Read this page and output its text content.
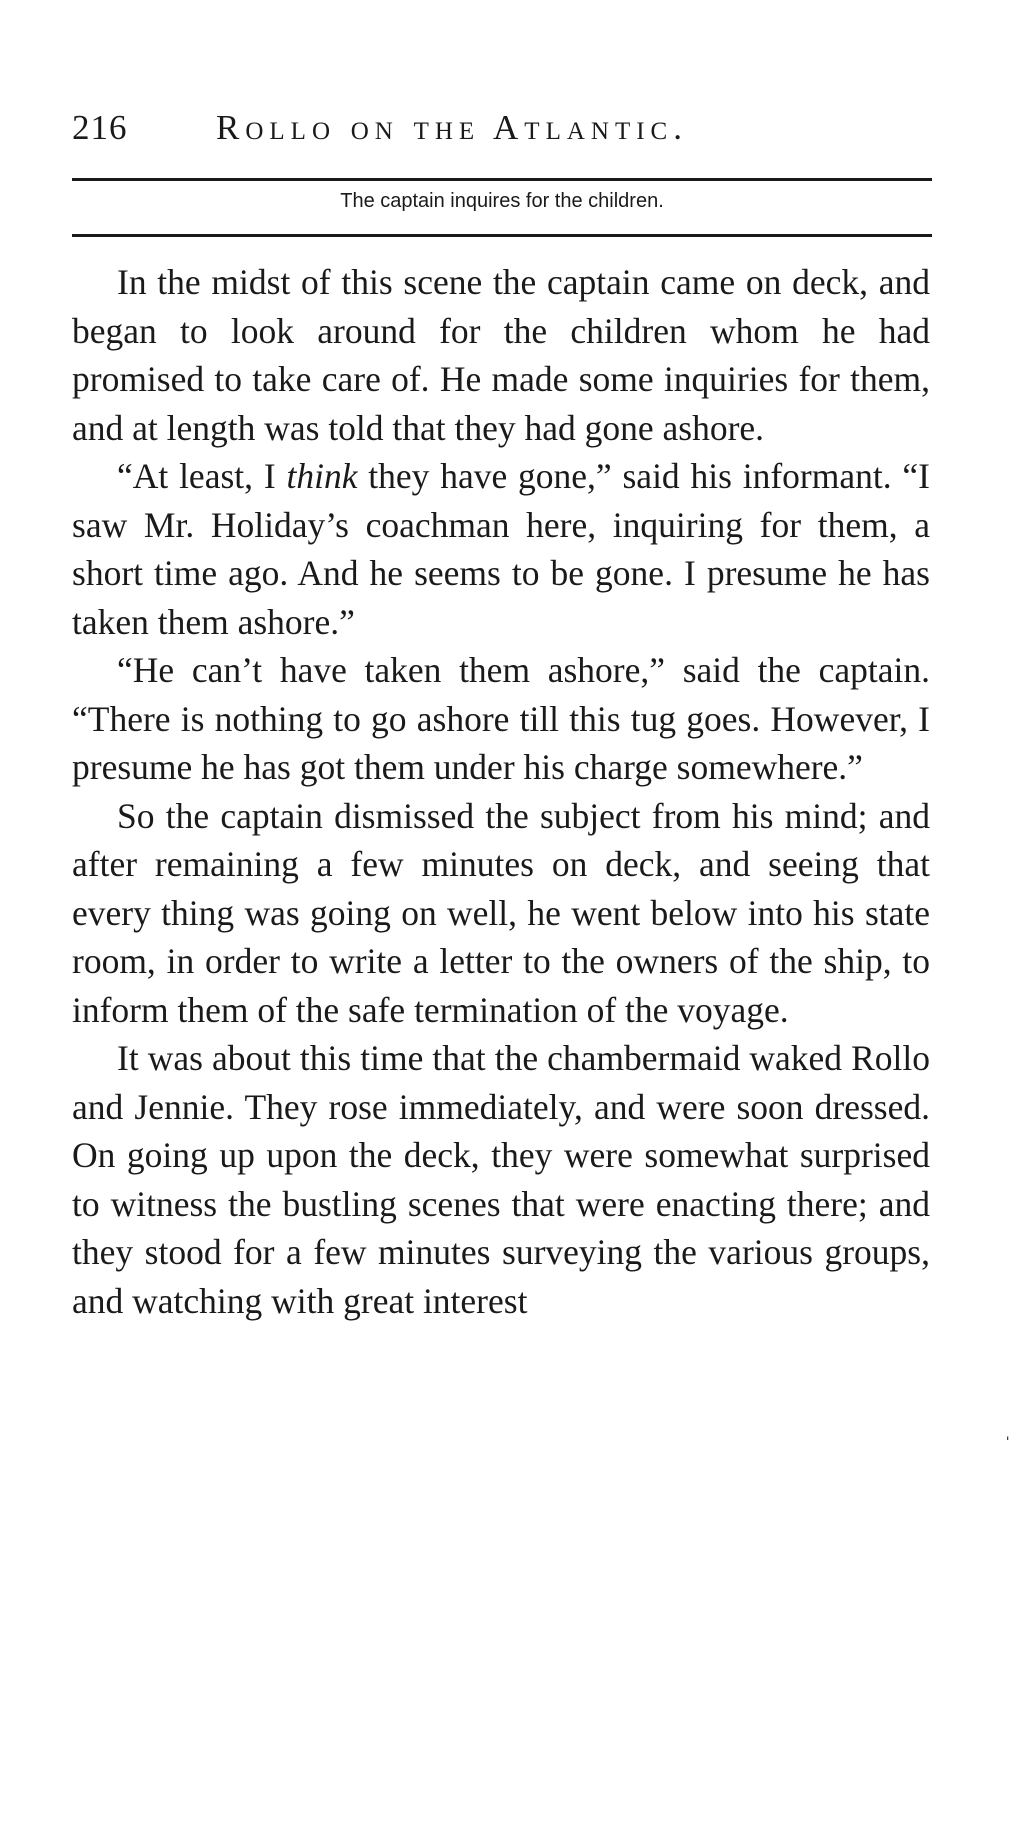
216	Rollo on the Atlantic.
The captain inquires for the children.

In the midst of this scene the captain came on deck, and began to look around for the children whom he had promised to take care of. He made some inquiries for them, and at length was told that they had gone ashore.

“At least, I think they have gone,” said his informant. “I saw Mr. Holiday’s coachman here, inquiring for them, a short time ago. And he seems to be gone. I presume he has taken them ashore.”

“He can’t have taken them ashore,” said the captain. “There is nothing to go ashore till this tug goes. However, I presume he has got them under his charge somewhere.”

So the captain dismissed the subject from his mind; and after remaining a few minutes on deck, and seeing that every thing was going on well, he went below into his state room, in order to write a letter to the owners of the ship, to inform them of the safe termination of the voyage.

It was about this time that the chambermaid waked Rollo and Jennie. They rose immediately, and were soon dressed. On going up upon the deck, they were somewhat surprised to witness the bustling scenes that were enacting there; and they stood for a few minutes surveying the various groups, and watching with great interest

ˈ
